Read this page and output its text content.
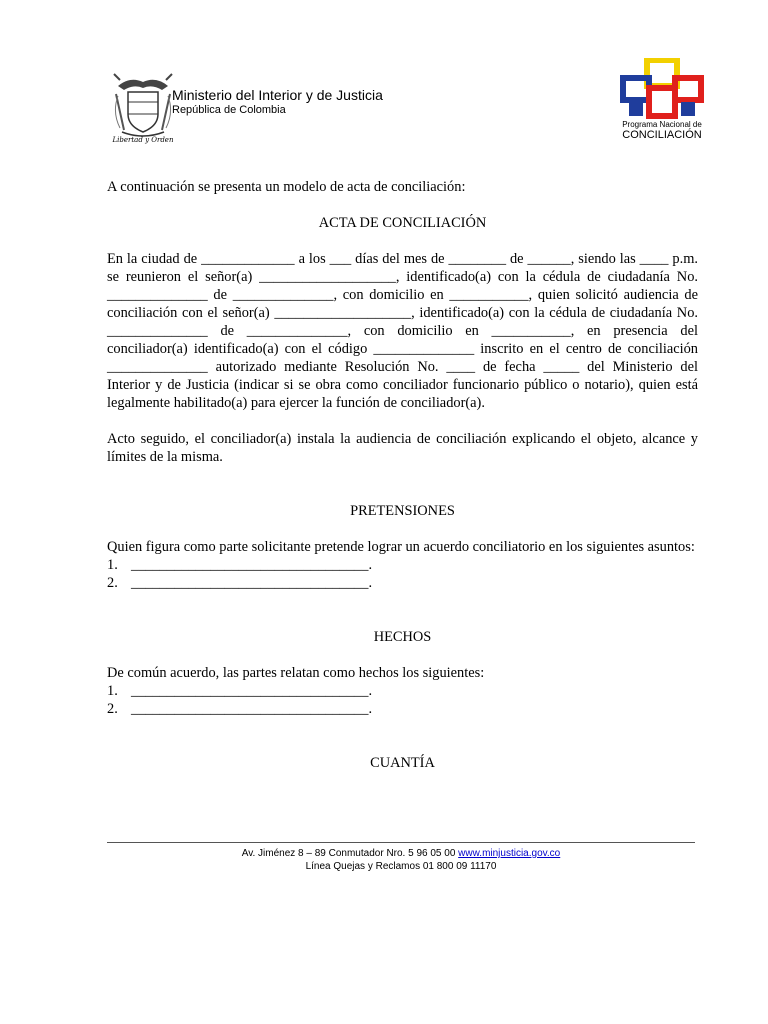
Libertad y Orden
Ministerio del Interior y de Justicia
República de Colombia
Programa Nacional de
CONCILIACIÓN

A continuación se presenta un modelo de acta de conciliación:

ACTA DE CONCILIACIÓN

En la ciudad de _____________ a los ___ días del mes de ________ de ______, siendo las ____ p.m. se reunieron el señor(a) ___________________, identificado(a) con la cédula de ciudadanía No. ______________ de ______________, con domicilio en ___________, quien solicitó audiencia de conciliación con el señor(a) ___________________, identificado(a) con la cédula de ciudadanía No. ______________ de ______________, con domicilio en ___________, en presencia del conciliador(a) identificado(a) con el código ______________ inscrito en el centro de conciliación ______________ autorizado mediante Resolución No. ____ de fecha _____ del Ministerio del Interior y de Justicia (indicar si se obra como conciliador funcionario público o notario), quien está legalmente habilitado(a) para ejercer la función de conciliador(a).

Acto seguido, el conciliador(a) instala la audiencia de conciliación explicando el objeto, alcance y límites de la misma.

PRETENSIONES

Quien figura como parte solicitante pretende lograr un acuerdo conciliatorio en los siguientes asuntos:

1. _________________________________.
2. _________________________________.

HECHOS

De común acuerdo, las partes relatan como hechos los siguientes:

1. _________________________________.
2. _________________________________.

CUANTÍA

Av. Jiménez 8 – 89 Conmutador Nro. 5 96 05 00 www.minjusticia.gov.co
Línea Quejas y Reclamos 01 800 09 11170
